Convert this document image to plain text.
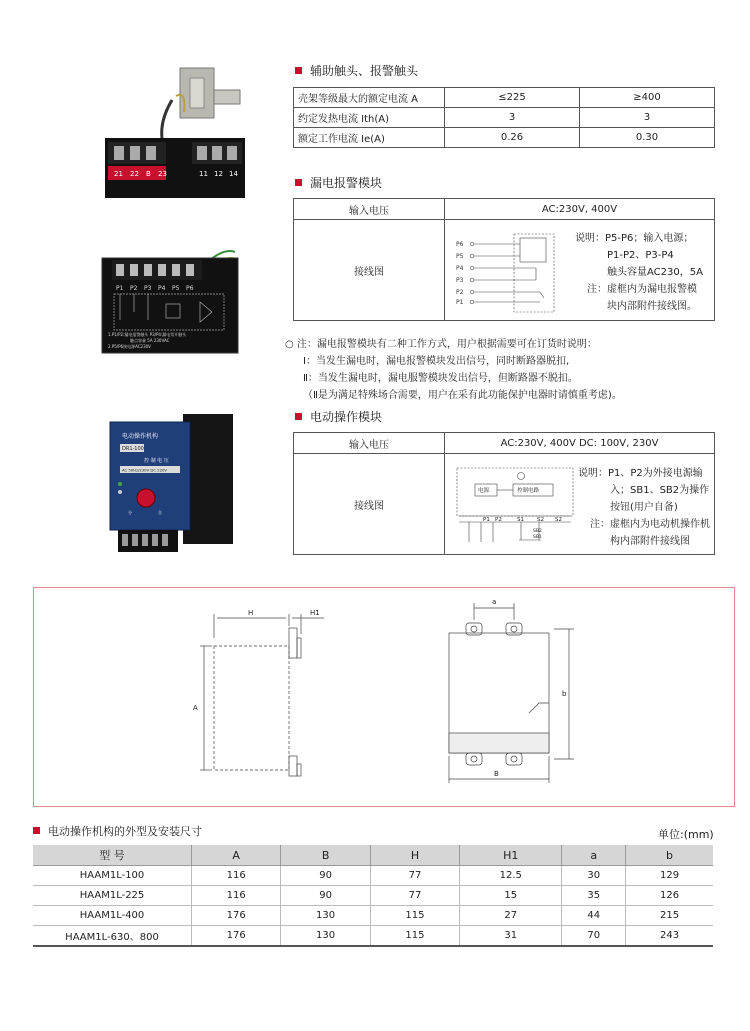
21 22 B 23	11 12 14
辅助触头、报警触头
壳架等级最大的额定电流 A	≤225	≥400
约定发热电流 Ith(A)	3	3
额定工作电流 Ie(A)	0.26	0.30
P1 P2 P3 P4 P5 P6
1.P1/P2:漏电报警触头 P3/P4:漏电常开触头
触点容量 5A 230VAC
2.P5/P6接电源AC230V
漏电报警模块
输入电压	AC:230V, 400V
接线图	
P6
P5
P4
P3
P2
P1
说明：P5-P6；输入电源；
P1-P2、P3-P4
触头容量AC230，5A
注：虚框内为漏电报警模
块内部附件接线图。
○ 注：漏电报警模块有二种工作方式，用户根据需要可在订货时说明：
Ⅰ：当发生漏电时，漏电报警模块发出信号，同时断路器脱扣,
Ⅱ：当发生漏电时，漏电服警模块发出信号，但断路器不脱扣。
（Ⅱ是为满足特殊场合需要，用户在采有此功能保护电器时请慎重考虑)。
电动操作机构
DR1-100
控 制 电 压
AC 50Hz/230V DC 220V
分	合
电动操作模块
输入电压	AC:230V, 400V DC: 100V, 230V
接线图	
电源	控制电路
P1 P2	S1 S2 S2
SB2
SB1
说明：P1、P2为外接电源输
入；SB1、SB2为操作
按钮(用户自备)
注：虚框内为电动机操作机
构内部附件接线图
H	H1
A
a
b
B
电动操作机构的外型及安装尺寸	单位:(mm)
型 号	A	B	H	H1	a	b
HAAM1L-100	116	90	77	12.5	30	129
HAAM1L-225	116	90	77	15	35	126
HAAM1L-400	176	130	115	27	44	215
HAAM1L-630、800	176	130	115	31	70	243
